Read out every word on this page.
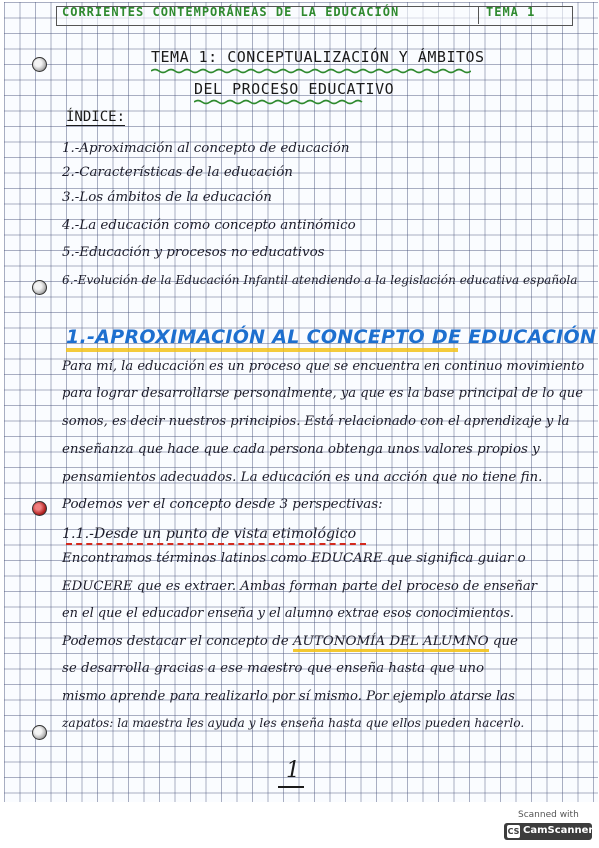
CORRIENTES CONTEMPORÁNEAS DE LA EDUCACIÓN	TEMA 1
TEMA 1: CONCEPTUALIZACIÓN Y ÁMBITOS
DEL PROCESO EDUCATIVO
ÍNDICE:
1.-Aproximación al concepto de educación
2.-Características de la educación
3.-Los ámbitos de la educación
4.-La educación como concepto antinómico
5.-Educación y procesos no educativos
6.-Evolución de la Educación Infantil atendiendo a la legislación educativa española
1.-APROXIMACIÓN AL CONCEPTO DE EDUCACIÓN
Para mí, la educación es un proceso que se encuentra en continuo movimiento
para lograr desarrollarse personalmente, ya que es la base principal de lo que
somos, es decir nuestros principios. Está relacionado con el aprendizaje y la
enseñanza que hace que cada persona obtenga unos valores propios y
pensamientos adecuados. La educación es una acción que no tiene fin.
Podemos ver el concepto desde 3 perspectivas:
1.1.-Desde un punto de vista etimológico
Encontramos términos latinos como EDUCARE que significa guiar o
EDUCERE que es extraer. Ambas forman parte del proceso de enseñar
en el que el educador enseña y el alumno extrae esos conocimientos.
Podemos destacar el concepto de AUTONOMÍA DEL ALUMNO que
se desarrolla gracias a ese maestro que enseña hasta que uno
mismo aprende para realizarlo por sí mismo. Por ejemplo atarse las
zapatos: la maestra les ayuda y les enseña hasta que ellos pueden hacerlo.
1
Scanned with
CS CamScanner
